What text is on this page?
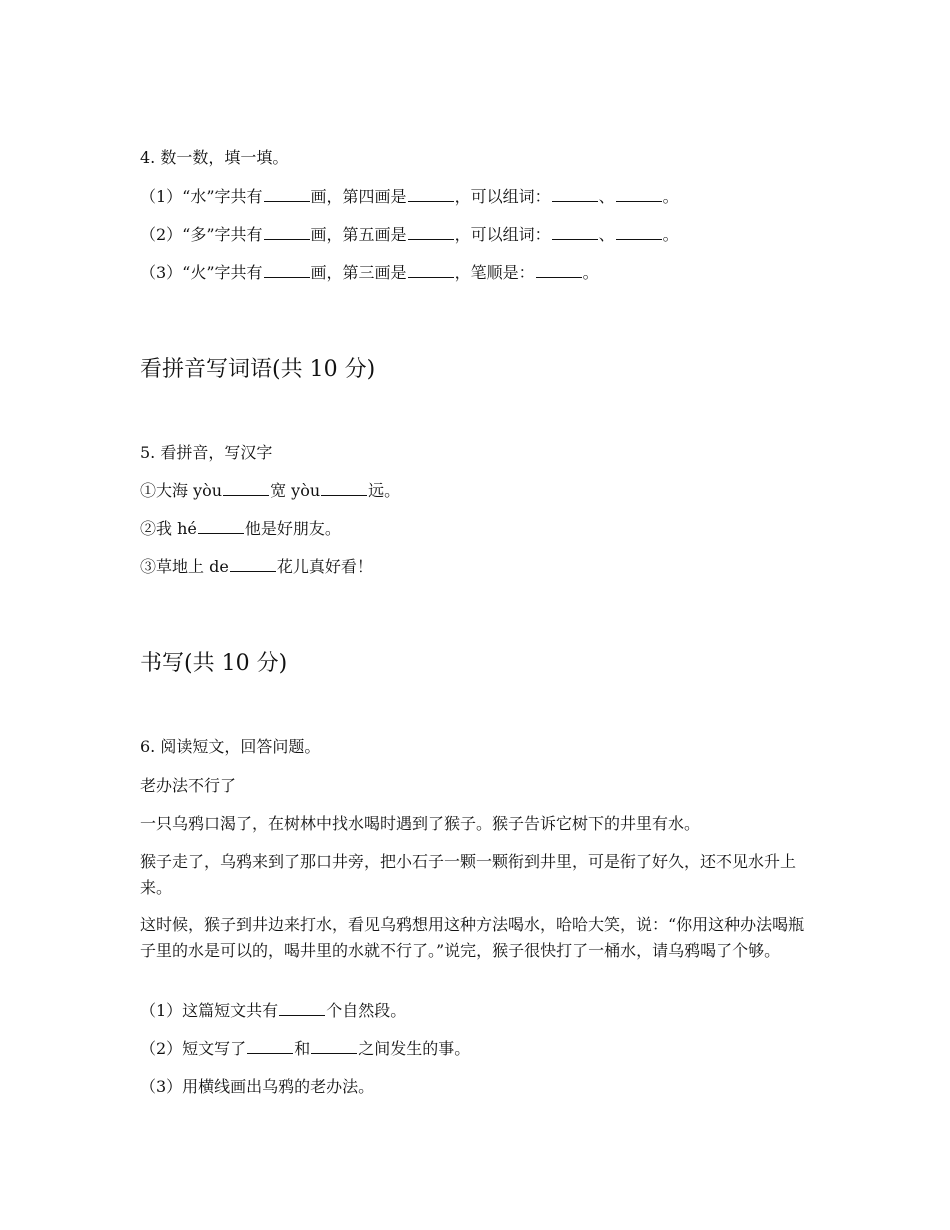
4. 数一数，填一填。
（1）“水”字共有	画，第四画是	，可以组词：	、	。
（2）“多”字共有	画，第五画是	，可以组词：	、	。
（3）“火”字共有	画，第三画是	，笔顺是：	。
看拼音写词语(共 10 分)
5. 看拼音，写汉字
①大海 yòu	宽 yòu	远。
②我 hé	他是好朋友。
③草地上 de	花儿真好看！
书写(共 10 分)
6. 阅读短文，回答问题。
老办法不行了
一只乌鸦口渴了，在树林中找水喝时遇到了猴子。猴子告诉它树下的井里有水。
猴子走了，乌鸦来到了那口井旁，把小石子一颗一颗衔到井里，可是衔了好久，还不见水升上来。
这时候，猴子到井边来打水，看见乌鸦想用这种方法喝水，哈哈大笑，说：“你用这种办法喝瓶子里的水是可以的，喝井里的水就不行了。”说完，猴子很快打了一桶水，请乌鸦喝了个够。
（1）这篇短文共有	个自然段。
（2）短文写了	和	之间发生的事。
（3）用横线画出乌鸦的老办法。
